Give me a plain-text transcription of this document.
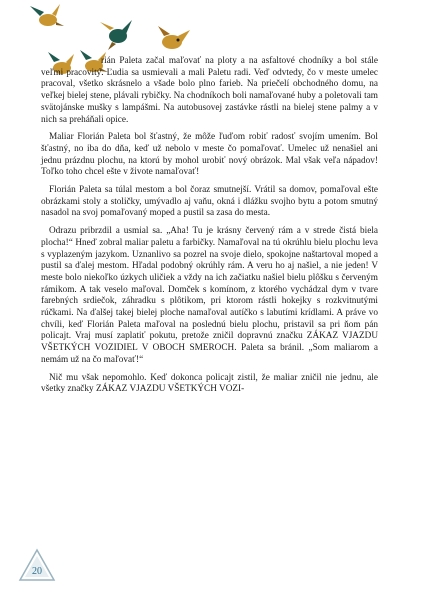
rián Paleta začal maľovať na ploty a na asfaltové chodníky a bol stále veľmi pracovitý. Ľudia sa usmievali a mali Paletu radi. Veď odvtedy, čo v meste umelec pracoval, všetko skrásnelo a všade bolo plno farieb. Na priečelí obchodného domu, na veľkej bielej stene, plávali rybičky. Na chodníkoch boli namaľované huby a poletovali tam svätojánske mušky s lampášmi. Na autobusovej zastávke rástli na bielej stene palmy a v nich sa preháňali opice.

Maliar Florián Paleta bol šťastný, že môže ľuďom robiť radosť svojím umením. Bol šťastný, no iba do dňa, keď už nebolo v meste čo pomaľovať. Umelec už nenašiel ani jednu prázdnu plochu, na ktorú by mohol urobiť nový obrázok. Mal však veľa nápadov! Toľko toho chcel ešte v živote namaľovať!

Florián Paleta sa túlal mestom a bol čoraz smutnejší. Vrátil sa domov, pomaľoval ešte obrázkami stoly a stoličky, umývadlo aj vaňu, okná i dlážku svojho bytu a potom smutný nasadol na svoj pomaľovaný moped a pustil sa zasa do mesta.

Odrazu pribrzdil a usmial sa. „Aha! Tu je krásny červený rám a v strede čistá biela plocha!“ Hneď zobral maliar paletu a farbičky. Namaľoval na tú okrúhlu bielu plochu leva s vyplazeným jazykom. Uznanlivo sa pozrel na svoje dielo, spokojne naštartoval moped a pustil sa ďalej mestom. Hľadal podobný okrúhly rám. A veru ho aj našiel, a nie jeden! V meste bolo niekoľko úzkych uličiek a vždy na ich začiatku našiel bielu plôšku s červeným rámikom. A tak veselo maľoval. Domček s komínom, z ktorého vychádzal dym v tvare farebných srdiečok, záhradku s plôtikom, pri ktorom rástli hokejky s rozkvitnutými rúčkami. Na ďalšej takej bielej ploche namaľoval autíčko s labutími krídlami. A práve vo chvíli, keď Florián Paleta maľoval na poslednú bielu plochu, pristavil sa pri ňom pán policajt. Vraj musí zaplatiť pokutu, pretože zničil dopravnú značku ZÁKAZ VJAZDU VŠETKÝCH VOZIDIEL V OBOCH SMEROCH. Paleta sa bránil. „Som maliarom a nemám už na čo maľovať!“

Nič mu však nepomohlo. Keď dokonca policajt zistil, že maliar zničil nie jednu, ale všetky značky ZÁKAZ VJAZDU VŠETKÝCH VOZI-

20
